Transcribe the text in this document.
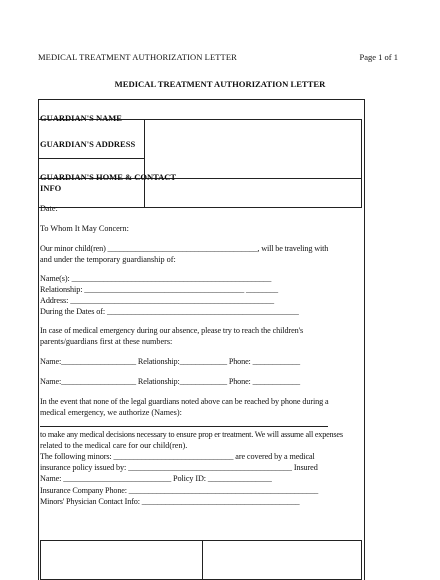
MEDICAL TREATMENT AUTHORIZATION LETTER	Page 1 of 1
MEDICAL TREATMENT AUTHORIZATION LETTER
GUARDIAN'S NAME
GUARDIAN'S ADDRESS
GUARDIAN'S HOME & CONTACT
INFO
Date:
To Whom It May Concern:
Our minor child(ren) ______________________________________, will be traveling with
and under the temporary guardianship of:
Name(s): __________________________________________________
Relationship: ________________________________________ ________
Address: ___________________________________________________
During the Dates of: ________________________________________________
In case of medical emergency during our absence, please try to reach the children's
parents/guardians first at these numbers:
Name:___________________ Relationship:____________ Phone: ____________
Name:___________________ Relationship:____________ Phone: ____________
In the event that none of the legal guardians noted above can be reached by phone during a
medical emergency, we authorize (Names):
to make any medical decisions necessary to ensure prop er treatment. We will assume all expenses
related to the medical care for our child(ren).
The following minors: ______________________________ are covered by a medical
insurance policy issued by: _________________________________________ Insured
Name: ___________________________ Policy ID: ________________
Insurance Company Phone: ________________________________________________
Minors' Physician Contact Info: ________________________________________
